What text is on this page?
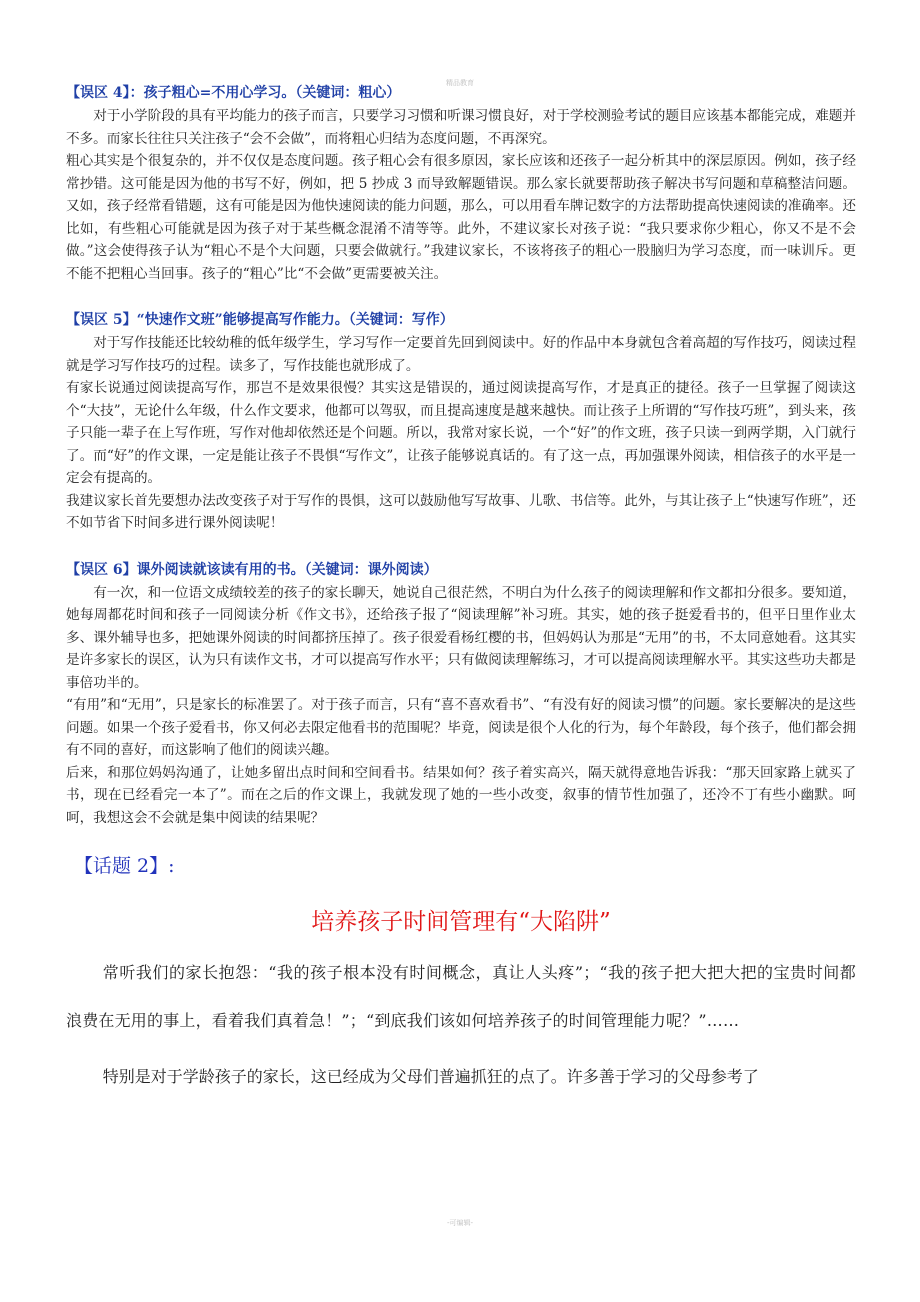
精品教育

【误区 4】：孩子粗心=不用心学习。（关键词：粗心）

对于小学阶段的具有平均能力的孩子而言，只要学习习惯和听课习惯良好，对于学校测验考试的题目应该基本都能完成，难题并不多。而家长往往只关注孩子“会不会做”，而将粗心归结为态度问题，不再深究。

粗心其实是个很复杂的，并不仅仅是态度问题。孩子粗心会有很多原因，家长应该和还孩子一起分析其中的深层原因。例如，孩子经常抄错。这可能是因为他的书写不好，例如，把 5 抄成 3 而导致解题错误。那么家长就要帮助孩子解决书写问题和草稿整洁问题。又如，孩子经常看错题，这有可能是因为他快速阅读的能力问题，那么，可以用看车牌记数字的方法帮助提高快速阅读的准确率。还比如，有些粗心可能就是因为孩子对于某些概念混淆不清等等。此外，不建议家长对孩子说：“我只要求你少粗心，你又不是不会做。”这会使得孩子认为“粗心不是个大问题，只要会做就行。”我建议家长，不该将孩子的粗心一股脑归为学习态度，而一味训斥。更不能不把粗心当回事。孩子的“粗心”比“不会做”更需要被关注。

【误区 5】“快速作文班”能够提高写作能力。（关键词：写作）

对于写作技能还比较幼稚的低年级学生，学习写作一定要首先回到阅读中。好的作品中本身就包含着高超的写作技巧，阅读过程就是学习写作技巧的过程。读多了，写作技能也就形成了。

有家长说通过阅读提高写作，那岂不是效果很慢？其实这是错误的，通过阅读提高写作，才是真正的捷径。孩子一旦掌握了阅读这个“大技”，无论什么年级，什么作文要求，他都可以驾驭，而且提高速度是越来越快。而让孩子上所谓的“写作技巧班”，到头来，孩子只能一辈子在上写作班，写作对他却依然还是个问题。所以，我常对家长说，一个“好”的作文班，孩子只读一到两学期，入门就行了。而“好”的作文课，一定是能让孩子不畏惧“写作文”，让孩子能够说真话的。有了这一点，再加强课外阅读，相信孩子的水平是一定会有提高的。

我建议家长首先要想办法改变孩子对于写作的畏惧，这可以鼓励他写写故事、儿歌、书信等。此外，与其让孩子上“快速写作班”，还不如节省下时间多进行课外阅读呢！

【误区 6】课外阅读就该读有用的书。（关键词：课外阅读）

有一次，和一位语文成绩较差的孩子的家长聊天，她说自己很茫然，不明白为什么孩子的阅读理解和作文都扣分很多。要知道，她每周都花时间和孩子一同阅读分析《作文书》，还给孩子报了“阅读理解”补习班。其实，她的孩子挺爱看书的，但平日里作业太多、课外辅导也多，把她课外阅读的时间都挤压掉了。孩子很爱看杨红樱的书，但妈妈认为那是“无用”的书，不太同意她看。这其实是许多家长的误区，认为只有读作文书，才可以提高写作水平；只有做阅读理解练习，才可以提高阅读理解水平。其实这些功夫都是事倍功半的。

“有用”和“无用”，只是家长的标准罢了。对于孩子而言，只有“喜不喜欢看书”、“有没有好的阅读习惯”的问题。家长要解决的是这些问题。如果一个孩子爱看书，你又何必去限定他看书的范围呢？毕竟，阅读是很个人化的行为，每个年龄段，每个孩子，他们都会拥有不同的喜好，而这影响了他们的阅读兴趣。

后来，和那位妈妈沟通了，让她多留出点时间和空间看书。结果如何？孩子着实高兴，隔天就得意地告诉我：“那天回家路上就买了书，现在已经看完一本了”。而在之后的作文课上，我就发现了她的一些小改变，叙事的情节性加强了，还冷不丁有些小幽默。呵呵，我想这会不会就是集中阅读的结果呢？

【话题 2】:

培养孩子时间管理有“大陷阱”

常听我们的家长抱怨：“我的孩子根本没有时间概念，真让人头疼”；“我的孩子把大把大把的宝贵时间都浪费在无用的事上，看着我们真着急！”；“到底我们该如何培养孩子的时间管理能力呢？”……

特别是对于学龄孩子的家长，这已经成为父母们普遍抓狂的点了。许多善于学习的父母参考了

-可编辑-
